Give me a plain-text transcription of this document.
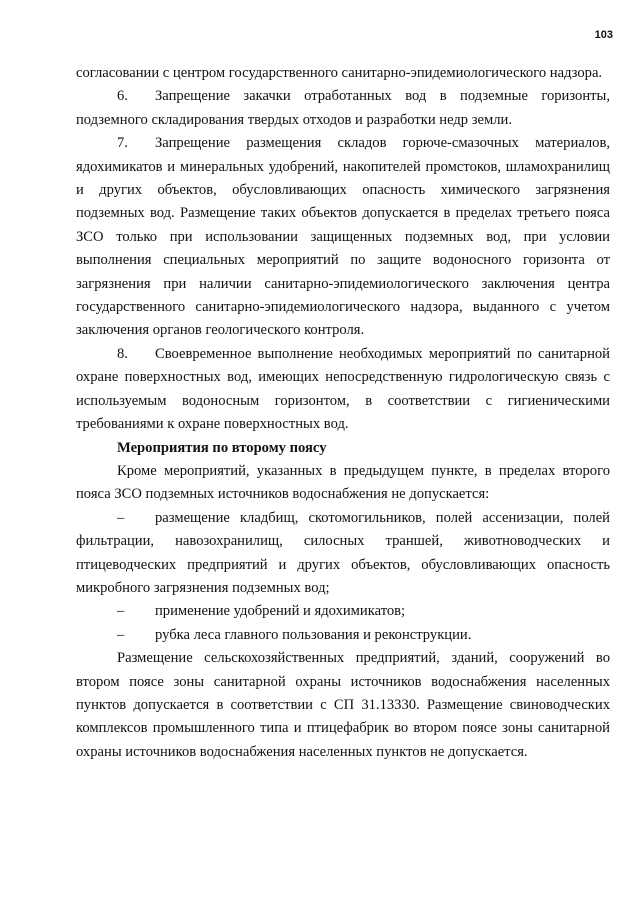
103

согласовании с центром государственного санитарно-эпидемиологического надзора.

6. Запрещение закачки отработанных вод в подземные горизонты, подземного складирования твердых отходов и разработки недр земли.

7. Запрещение размещения складов горюче-смазочных материалов, ядохимикатов и минеральных удобрений, накопителей промстоков, шламохранилищ и других объектов, обусловливающих опасность химического загрязнения подземных вод. Размещение таких объектов допускается в пределах третьего пояса ЗСО только при использовании защищенных подземных вод, при условии выполнения специальных мероприятий по защите водоносного горизонта от загрязнения при наличии санитарно-эпидемиологического заключения центра государственного санитарно-эпидемиологического надзора, выданного с учетом заключения органов геологического контроля.

8. Своевременное выполнение необходимых мероприятий по санитарной охране поверхностных вод, имеющих непосредственную гидрологическую связь с используемым водоносным горизонтом, в соответствии с гигиеническими требованиями к охране поверхностных вод.

Мероприятия по второму поясу

Кроме мероприятий, указанных в предыдущем пункте, в пределах второго пояса ЗСО подземных источников водоснабжения не допускается:

– размещение кладбищ, скотомогильников, полей ассенизации, полей фильтрации, навозохранилищ, силосных траншей, животноводческих и птицеводческих предприятий и других объектов, обусловливающих опасность микробного загрязнения подземных вод;

– применение удобрений и ядохимикатов;

– рубка леса главного пользования и реконструкции.

Размещение сельскохозяйственных предприятий, зданий, сооружений во втором поясе зоны санитарной охраны источников водоснабжения населенных пунктов допускается в соответствии с СП 31.13330. Размещение свиноводческих комплексов промышленного типа и птицефабрик во втором поясе зоны санитарной охраны источников водоснабжения населенных пунктов не допускается.
